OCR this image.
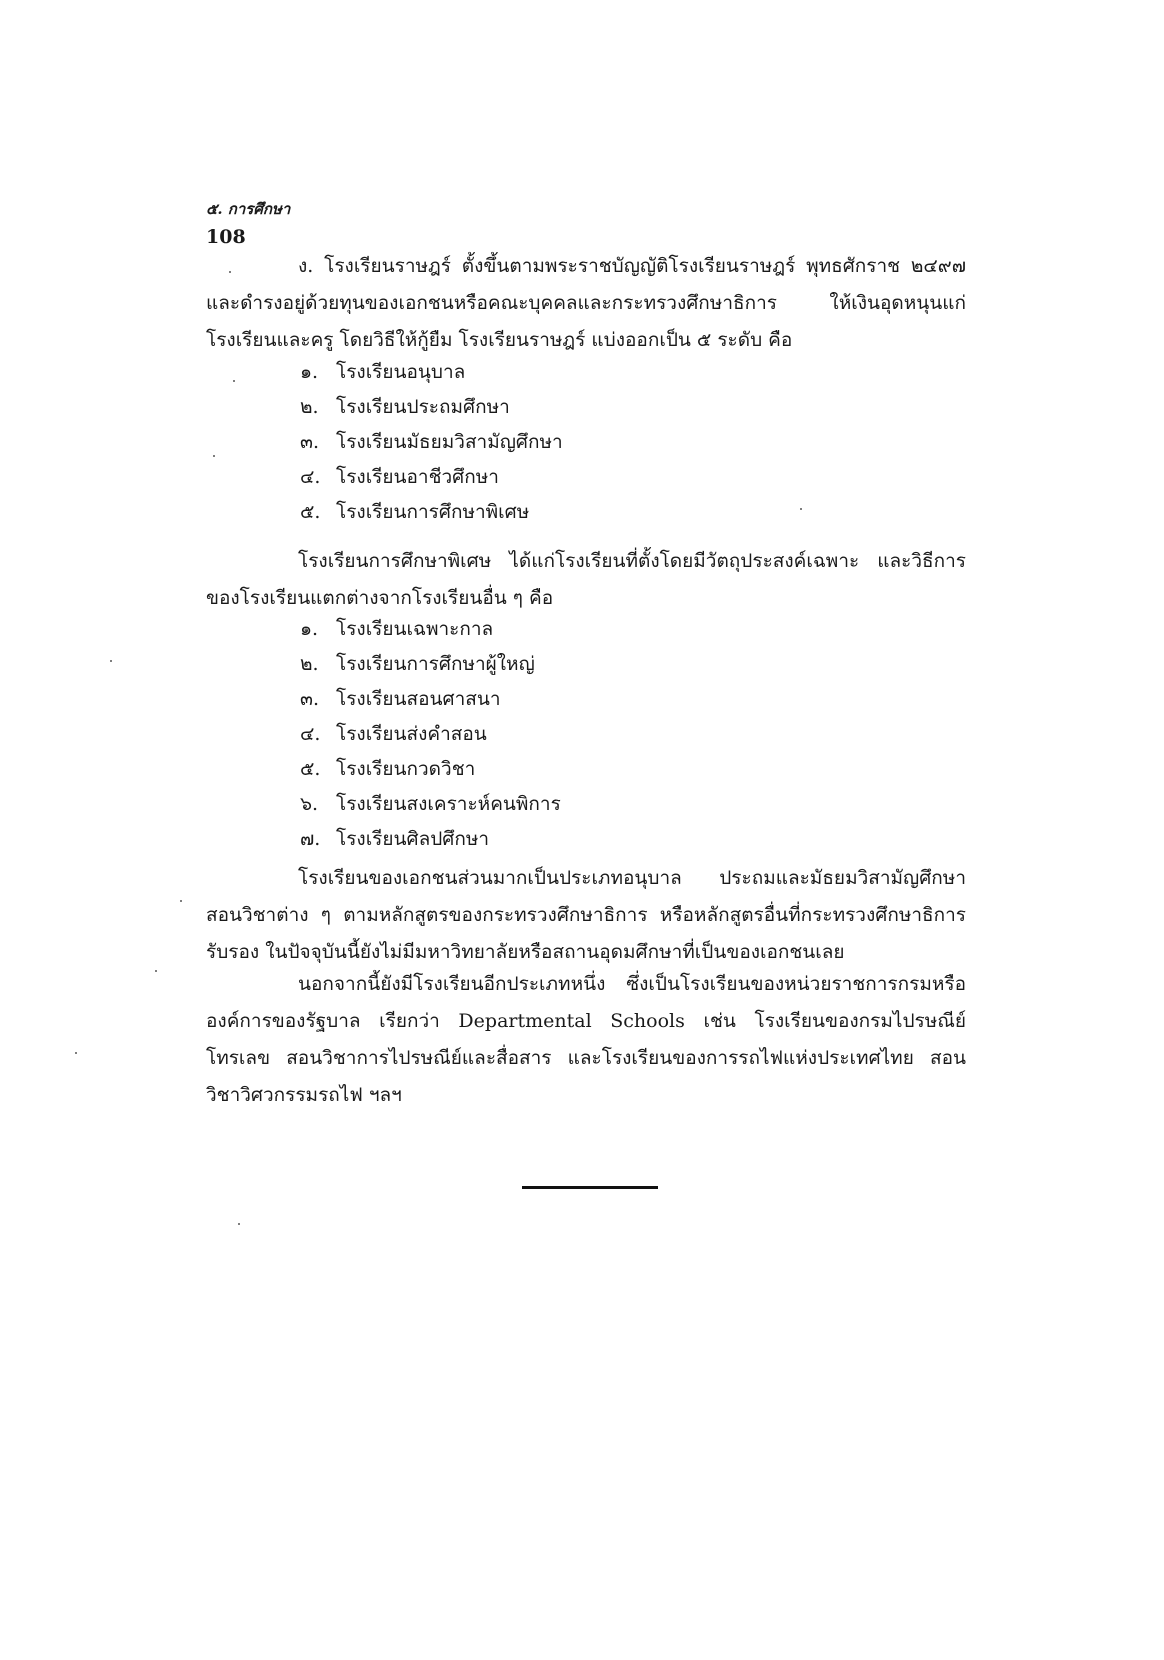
๕. การศึกษา
108

ง. โรงเรียนราษฎร์ ตั้งขึ้นตามพระราชบัญญัติโรงเรียนราษฎร์ พุทธศักราช ๒๔๙๗ และดำรงอยู่ด้วยทุนของเอกชนหรือคณะบุคคลและกระทรวงศึกษาธิการ ให้เงินอุดหนุนแก่โรงเรียนและครู โดยวิธีให้กู้ยืม โรงเรียนราษฎร์ แบ่งออกเป็น ๕ ระดับ คือ

๑. โรงเรียนอนุบาล
๒. โรงเรียนประถมศึกษา
๓. โรงเรียนมัธยมวิสามัญศึกษา
๔. โรงเรียนอาชีวศึกษา
๕. โรงเรียนการศึกษาพิเศษ

โรงเรียนการศึกษาพิเศษ ได้แก่โรงเรียนที่ตั้งโดยมีวัตถุประสงค์เฉพาะ และวิธีการของโรงเรียนแตกต่างจากโรงเรียนอื่น ๆ คือ

๑. โรงเรียนเฉพาะกาล
๒. โรงเรียนการศึกษาผู้ใหญ่
๓. โรงเรียนสอนศาสนา
๔. โรงเรียนส่งคำสอน
๕. โรงเรียนกวดวิชา
๖. โรงเรียนสงเคราะห์คนพิการ
๗. โรงเรียนศิลปศึกษา

โรงเรียนของเอกชนส่วนมากเป็นประเภทอนุบาล ประถมและมัธยมวิสามัญศึกษา สอนวิชาต่าง ๆ ตามหลักสูตรของกระทรวงศึกษาธิการ หรือหลักสูตรอื่นที่กระทรวงศึกษาธิการรับรอง ในปัจจุบันนี้ยังไม่มีมหาวิทยาลัยหรือสถานอุดมศึกษาที่เป็นของเอกชนเลย

นอกจากนี้ยังมีโรงเรียนอีกประเภทหนึ่ง ซึ่งเป็นโรงเรียนของหน่วยราชการกรมหรือองค์การของรัฐบาล เรียกว่า Departmental Schools เช่น โรงเรียนของกรมไปรษณีย์โทรเลข สอนวิชาการไปรษณีย์และสื่อสาร และโรงเรียนของการรถไฟแห่งประเทศไทย สอนวิชาวิศวกรรมรถไฟ ฯลฯ
